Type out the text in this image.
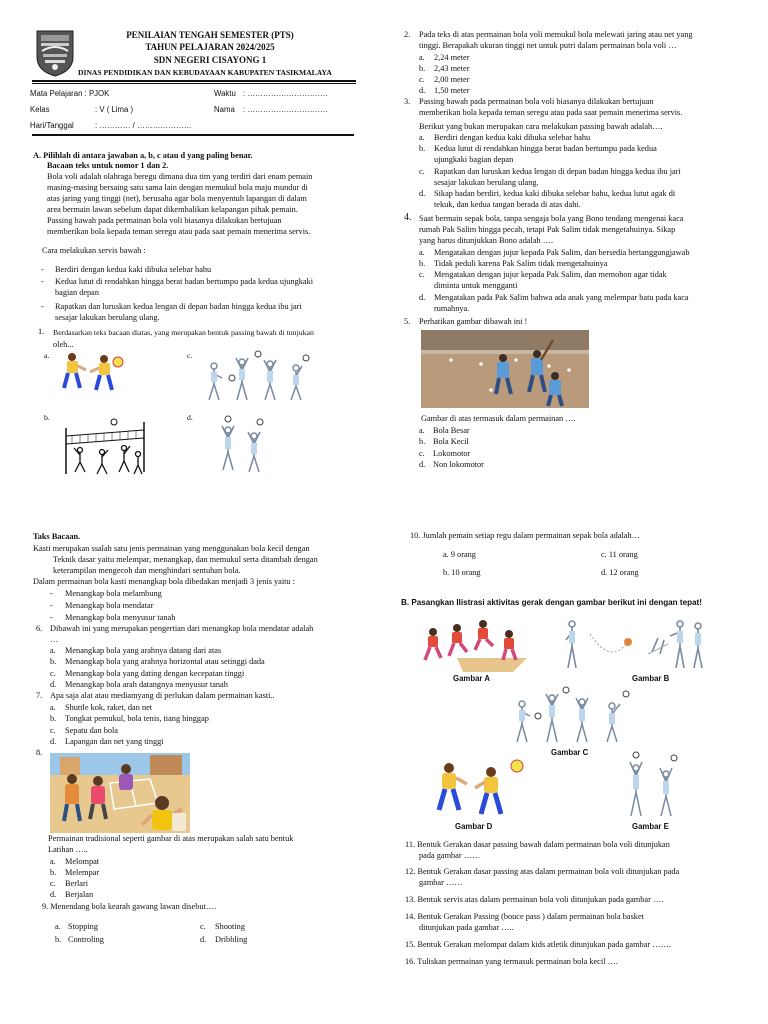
PENILAIAN TENGAH SEMESTER (PTS)
TAHUN PELAJARAN 2024/2025
SDN NEGERI CISAYONG 1
DINAS PENDIDIKAN DAN KEBUDAYAAN KABUPATEN TASIKMALAYA
Mata Pelajaran : PJOK	Waktu : ………………………….
Kelas	: V ( Lima )	Nama : ………………………….
Hari/Tanggal	: ………… / …………………
A. Pilihlah di antara jawaban a, b, c atau d yang paling benar.
Bacaan teks untuk nomor 1 dan 2.
Bola voli adalah olahraga beregu dimana dua tim yang terdiri dari enam pemain
masing-masing bersaing satu sama lain dengan memukul bola maju mundur di
atas jaring yang tinggi (net), berusaha agar bola menyentuh lapangan di dalam
area bermain lawan sebelum dapat dikembalikan kelapangan pihak pemain.
Passing bawah pada permainan bola voli biasanya dilakukan bertujuan
memberikan bola kepada teman seregu atau pada saat pemain menerima servis.
Cara melakukan servis bawah :
- Berdiri dengan kedua kaki dibuka selebar bahu
- Kedua lutut di rendahkan hingga berat badan bertumpu pada kedua ujungkaki
bagian depan
- Rapatkan dan luruskan kedua lengan di depan badan hingga kedua ibu jari
sesajar lakukan berulang ulang.
1. Berdasarkan teks bacaan diatas, yang merupakan bentuk passing bawah di tunjukan
oleh...
a.	c.
b.	d.
2. Pada teks di atas permainan bola voli memukul bola melewati jaring atau net yang
tinggi. Berapakah ukuran tinggi net untuk putri dalam permainan bola voli …
a. 2,24 meter
b. 2,43 meter
c. 2,00 meter
d. 1,50 meter
3. Passing bawah pada permainan bola voli biasanya dilakukan bertujuan
memberikan bola kepada teman seregu atau pada saat pemain menerima servis.
Berikut yang bukan merupakan cara melakukan passing bawah adalah….
a. Berdiri dengan kedua kaki dibuka selebar bahu
b. Kedua lutut di rendahkan hingga berat badan bertumpu pada kedua
ujungkaki bagian depan
c. Rapatkan dan luruskan kedua lengan di depan badan hingga kedua ibu jari
sesajar lakukan berulang ulang.
d. Sikap badan berdiri, kedua kaki dibuka selebar bahu, kedua lutut agak di
tekuk, dan kedua tangan berada di atas dahi.
4. Saat bermain sepak bola, tanpa sengaja bola yang Bono tendang mengenai kaca
rumah Pak Salim hingga pecah, tetapi Pak Salim tidak mengetahuinya. Sikap
yang harus ditunjukkan Bono adalah ….
a. Mengatakan dengan jujur kepada Pak Salim, dan bersedia bertanggungjawab
b. Tidak peduli karena Pak Salim tidak mengetahuinya
c. Mengatakan dengan jujur kepada Pak Salim, dan memohon agar tidak
diminta untuk mengganti
d. Mengatakan pada Pak Salim bahwa ada anak yang melempar batu pada kaca
rumahnya.
5. Perhatikan gambar dibawah ini !
Gambar di atas termasuk dalam permainan ….
a. Bola Besar
b. Bola Kecil
c. Lokomotor
d. Non lokomotor
Taks Bacaan.
Kasti merupakan ssalah satu jenis permainan yang menggunakan bola kecil dengan
Teknik dasar yaitu melempar, menangkap, dan memukul serta ditambah dengan
keterampilan mengecoh dan menghindari sentuhan bola.
Dalam permainan bola kasti menangkap bola dibedakan menjadi 3 jenis yaitu :
- Menangkap bola melambung
- Menangkap bola mendatar
- Menangkap bola menyusur tanah
6. Dibawah ini yang merupakan pengertian dari menangkap bola mendatar adalah
…
a. Menangkap bola yang arahnya datang dari atas
b. Menangkap bola yang arahnya horizontal atau setinggi dada
c. Menangkap bola yang dating dengan kecepatan tinggi
d. Menangkap bola arah datangnya menyusur tanah
7. Apa saja alat atau mediamyang di perlukan dalam permainan kasti..
a. Shuttle kok, raket, dan net
b. Tongkat pemukul, bola tenis, tiang hinggap
c. Sepatu dan bola
d. Lapangan dan net yang tinggi
8.
Permainan tradisional seperti gambar di atas merupakan salah satu bentuk
Latihan …..
a. Melompat
b. Melempar
c. Berlari
d. Berjalan
9. Menendang bola kearah gawang lawan disebut….
a. Stopping	c. Shooting
b. Controling	d. Dribbling
10. Jumlah pemain setiap regu dalam permainan sepak bola adalah…
a. 9 orang	c. 11 orang
b. 10 orang	d. 12 orang
B. Pasangkan Ilistrasi aktivitas gerak dengan gambar berikut ini dengan tepat!
Gambar A	Gambar B
Gambar C
Gambar D	Gambar E
11. Bentuk Gerakan dasar passing bawah dalam permainan bola voli ditunjukan
pada gambar ……
12. Bentuk Gerakan dasar passing atas dalam permainan bola voli ditunjukan pada
gambar ……
13. Bentuk servis atas dalam permainan bola voli ditunjukan pada gambar ….
14. Bentuk Gerakan Passing (bouce pass ) dalam permainan bola basket
ditunjukan pada gambar …..
15. Bentuk Gerakan melompat dalam kids atletik ditunjukan pada gambar …….
16. Tuliskan permainan yang termasuk permainan bola kecil ….
